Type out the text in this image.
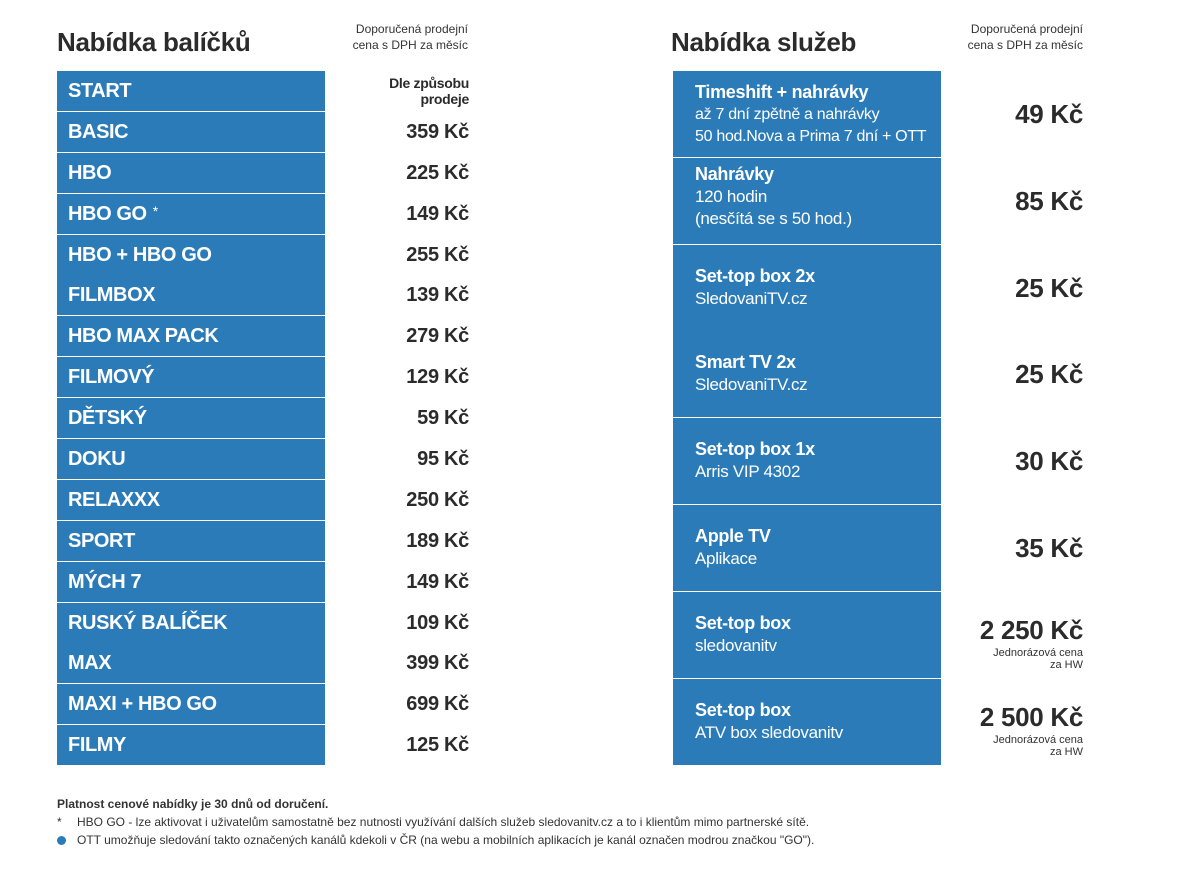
Nabídka balíčků	Doporučená prodejní
cena s DPH za měsíc	Nabídka služeb	Doporučená prodejní
cena s DPH za měsíc
START	Dle způsobu
prodeje
BASIC	359 Kč
HBO	225 Kč
HBO GO *	149 Kč
HBO + HBO GO	255 Kč
FILMBOX	139 Kč
HBO MAX PACK	279 Kč
FILMOVÝ	129 Kč
DĚTSKÝ	59 Kč
DOKU	95 Kč
RELAXXX	250 Kč
SPORT	189 Kč
MÝCH 7	149 Kč
RUSKÝ BALÍČEK	109 Kč
MAX	399 Kč
MAXI + HBO GO	699 Kč
FILMY	125 Kč
Timeshift + nahrávky
až 7 dní zpětně a nahrávky
50 hod.Nova a Prima 7 dní + OTT
49 Kč
Nahrávky
120 hodin
(nesčítá se s 50 hod.)
85 Kč
Set-top box 2x
SledovaniTV.cz	25 Kč
Smart TV 2x
SledovaniTV.cz	25 Kč
Set-top box 1x
Arris VIP 4302	30 Kč
Apple TV
Aplikace	35 Kč
Set-top box
sledovanitv
2 250 Kč
Jednorázová cena
za HW
Set-top box
ATV box sledovanitv
2 500 Kč
Jednorázová cena
za HW
Platnost cenové nabídky je 30 dnů od doručení.
* HBO GO - lze aktivovat i uživatelům samostatně bez nutnosti využívání dalších služeb sledovanitv.cz a to i klientům mimo partnerské sítě.
OTT umožňuje sledování takto označených kanálů kdekoli v ČR (na webu a mobilních aplikacích je kanál označen modrou značkou "GO").
